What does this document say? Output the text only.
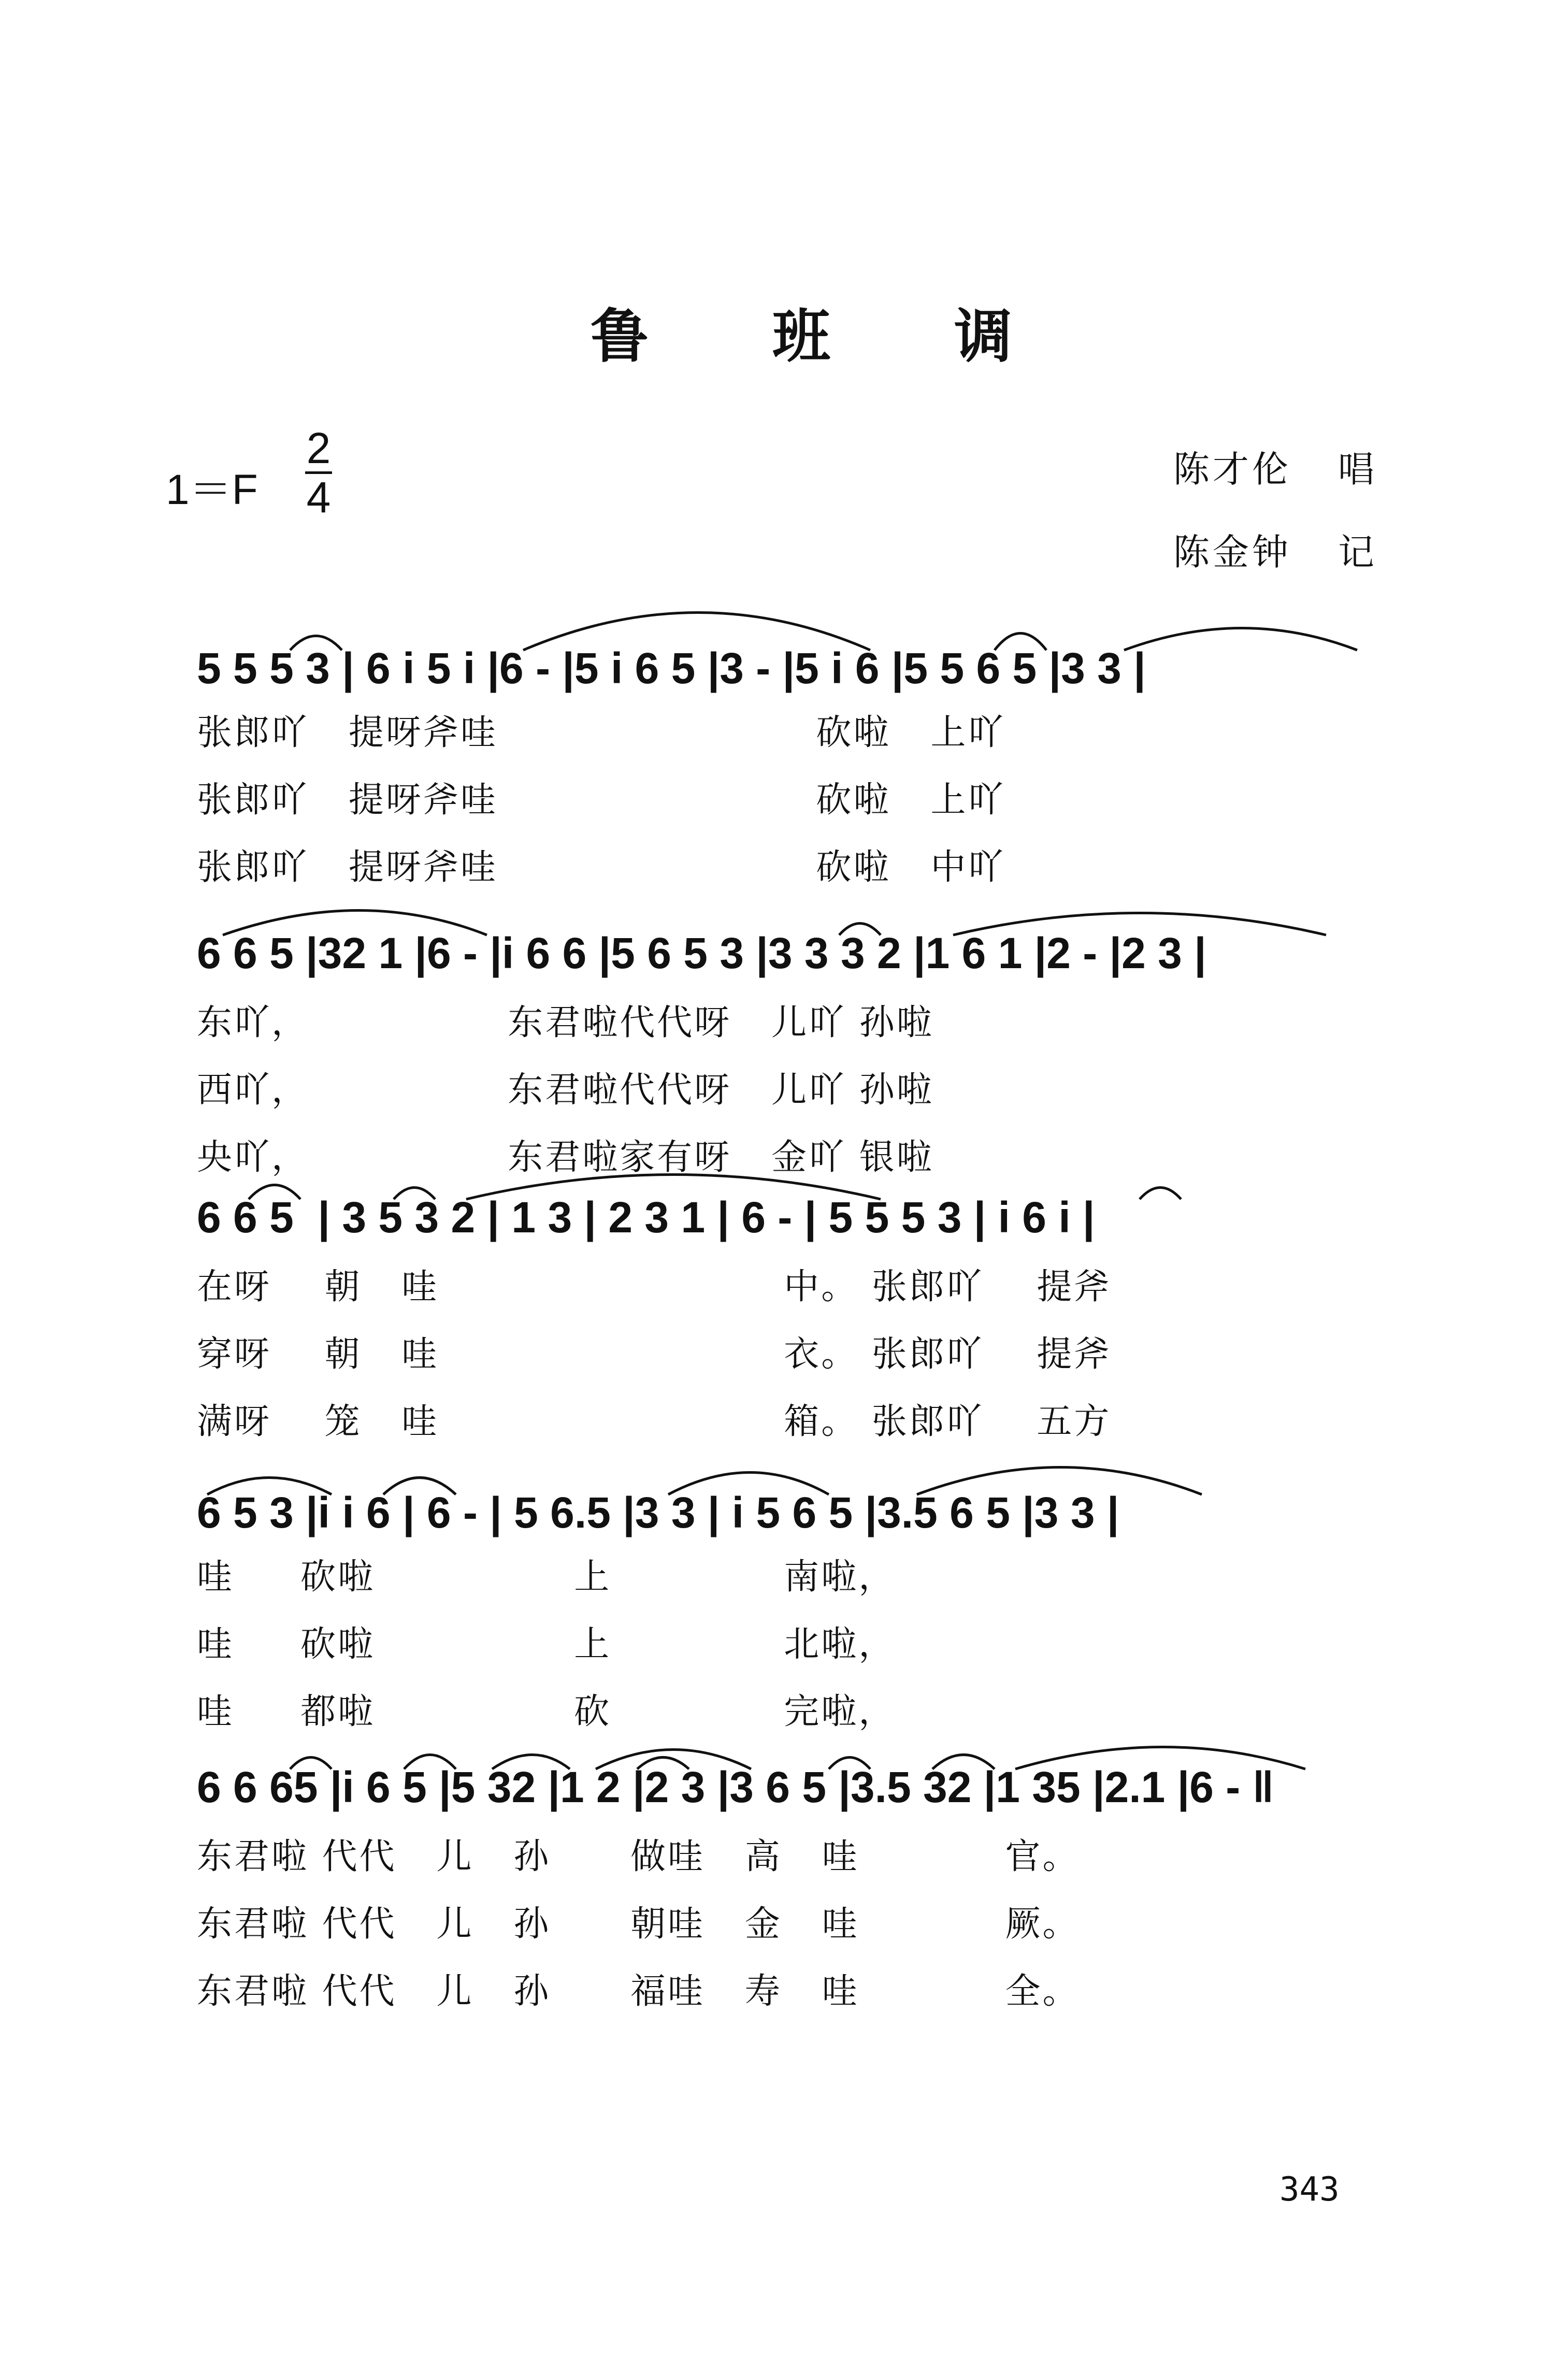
鲁 班 调
1＝F
2
4
陈才伦 唱
陈金钟 记
5 5 5 3 | 6 i 5 i |6 - |5 i 6 5 |3 - |5 i 6 |5 5 6 5 |3 3 |
张郎吖   提呀斧哇                        砍啦   上吖
张郎吖   提呀斧哇                        砍啦   上吖
张郎吖   提呀斧哇                        砍啦   中吖
6 6 5 |32 1 |6 - |i 6 6 |5 6 5 3 |3 3 3 2 |1 6 1 |2 - |2 3 |
东吖，               东君啦代代呀   儿吖 孙啦
西吖，               东君啦代代呀   儿吖 孙啦
央吖，               东君啦家有呀   金吖 银啦
6 6 5  | 3 5 3 2 | 1 3 | 2 3 1 | 6 - | 5 5 5 3 | i 6 i |
在呀    朝   哇                          中。 张郎吖    提斧
穿呀    朝   哇                          衣。 张郎吖    提斧
满呀    笼   哇                          箱。 张郎吖    五方
6 5 3 |i i 6 | 6 - | 5 6.5 |3 3 | i 5 6 5 |3.5 6 5 |3 3 |
哇     砍啦               上             南啦，
哇     砍啦               上             北啦，
哇     都啦               砍             完啦，
6 6 65 |i 6 5 |5 32 |1 2 |2 3 |3 6 5 |3.5 32 |1 35 |2.1 |6 - ‖
东君啦 代代   儿   孙      做哇   高   哇           官。
东君啦 代代   儿   孙      朝哇   金   哇           厥。
东君啦 代代   儿   孙      福哇   寿   哇           全。
343
